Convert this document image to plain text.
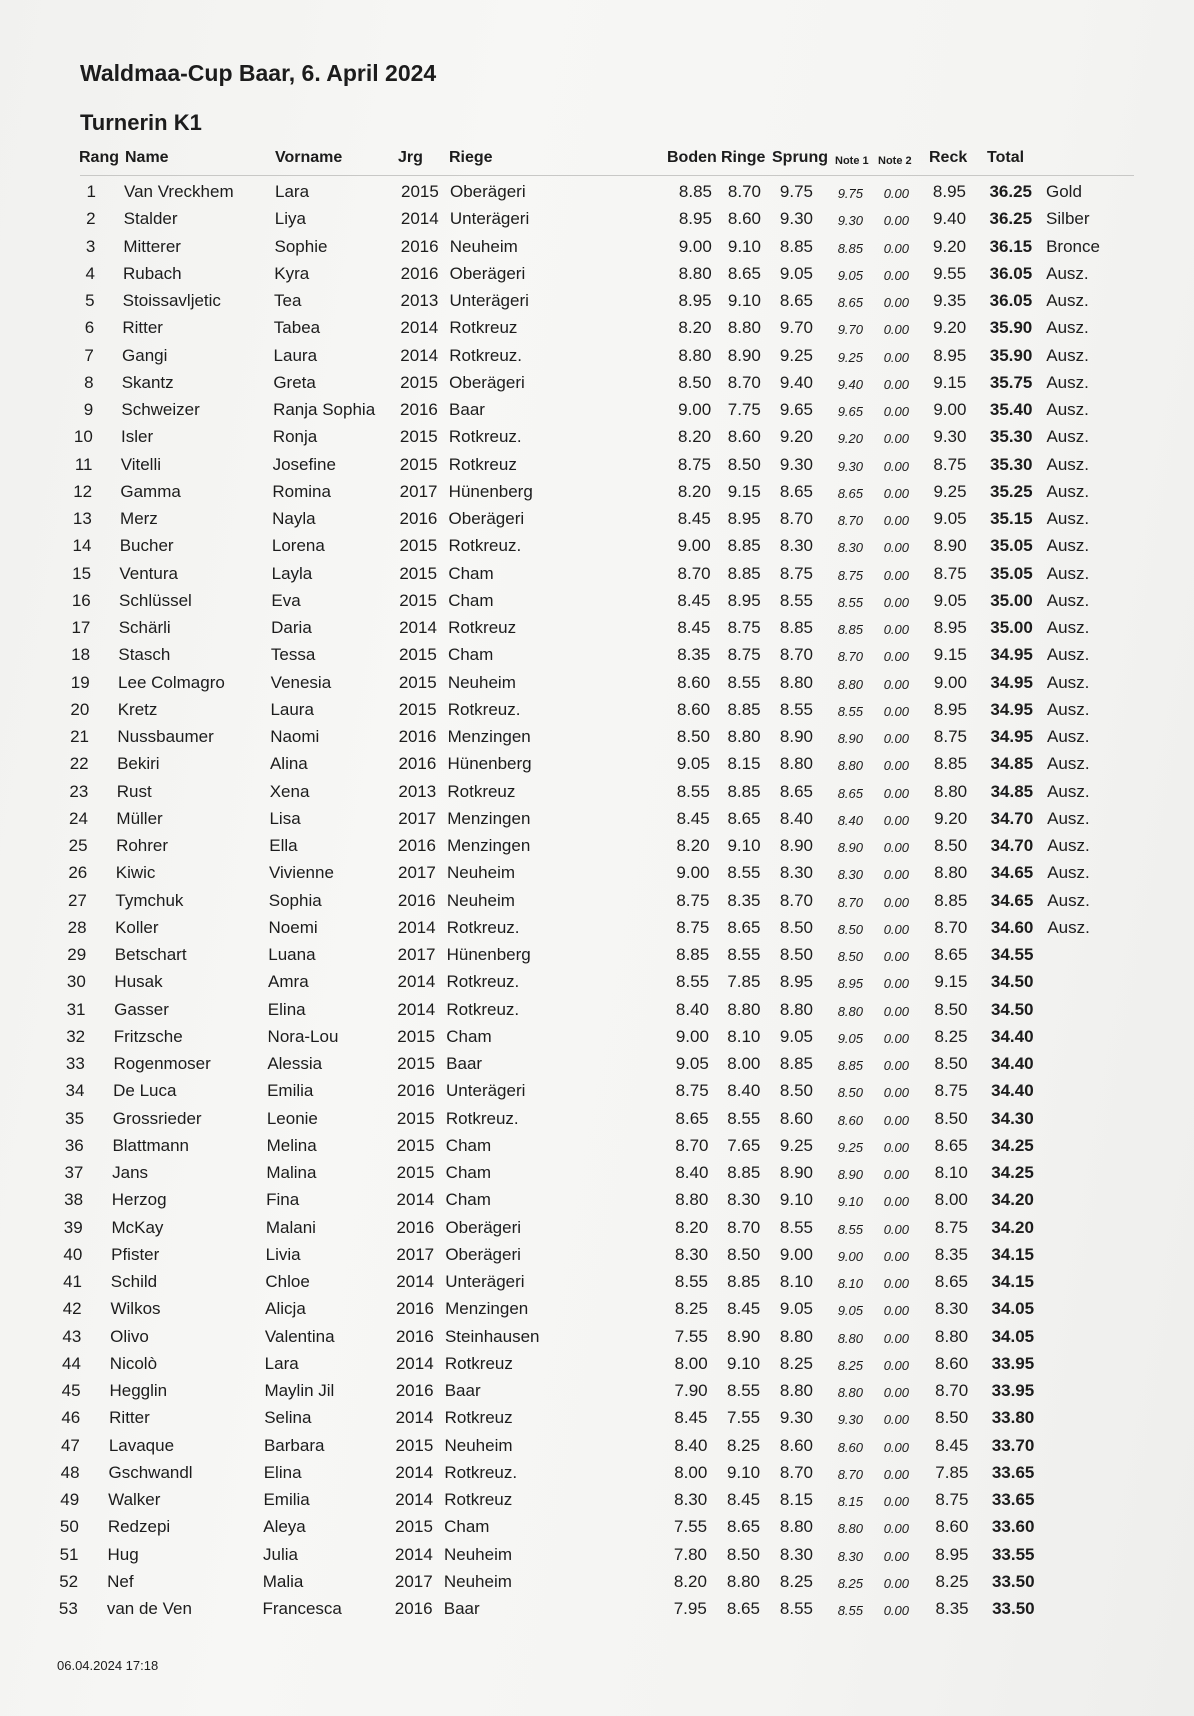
Waldmaa-Cup Baar, 6. April 2024
Turnerin K1
Rang Name	Vorname	Jrg Riege	Boden Ringe Sprung Note 1 Note 2 Reck Total
1 Van Vreckhem Lara	2015 Oberägeri	8.85 8.70 9.75 9.75 0.00 8.95 36.25 Gold
2 Stalder	Liya	2014 Unterägeri	8.95 8.60 9.30 9.30 0.00 9.40 36.25 Silber
3 Mitterer	Sophie	2016 Neuheim	9.00 9.10 8.85 8.85 0.00 9.20 36.15 Bronce
4 Rubach	Kyra	2016 Oberägeri	8.80 8.65 9.05 9.05 0.00 9.55 36.05 Ausz.
5 Stoissavljetic	Tea	2013 Unterägeri	8.95 9.10 8.65 8.65 0.00 9.35 36.05 Ausz.
6 Ritter	Tabea	2014 Rotkreuz	8.20 8.80 9.70 9.70 0.00 9.20 35.90 Ausz.
7 Gangi	Laura	2014 Rotkreuz.	8.80 8.90 9.25 9.25 0.00 8.95 35.90 Ausz.
8 Skantz	Greta	2015 Oberägeri	8.50 8.70 9.40 9.40 0.00 9.15 35.75 Ausz.
9 Schweizer	Ranja Sophia 2016 Baar	9.00 7.75 9.65 9.65 0.00 9.00 35.40 Ausz.
10 Isler	Ronja	2015 Rotkreuz.	8.20 8.60 9.20 9.20 0.00 9.30 35.30 Ausz.
11 Vitelli	Josefine	2015 Rotkreuz	8.75 8.50 9.30 9.30 0.00 8.75 35.30 Ausz.
12 Gamma	Romina	2017 Hünenberg	8.20 9.15 8.65 8.65 0.00 9.25 35.25 Ausz.
13 Merz	Nayla	2016 Oberägeri	8.45 8.95 8.70 8.70 0.00 9.05 35.15 Ausz.
14 Bucher	Lorena	2015 Rotkreuz.	9.00 8.85 8.30 8.30 0.00 8.90 35.05 Ausz.
15 Ventura	Layla	2015 Cham	8.70 8.85 8.75 8.75 0.00 8.75 35.05 Ausz.
16 Schlüssel	Eva	2015 Cham	8.45 8.95 8.55 8.55 0.00 9.05 35.00 Ausz.
17 Schärli	Daria	2014 Rotkreuz	8.45 8.75 8.85 8.85 0.00 8.95 35.00 Ausz.
18 Stasch	Tessa	2015 Cham	8.35 8.75 8.70 8.70 0.00 9.15 34.95 Ausz.
19 Lee Colmagro	Venesia	2015 Neuheim	8.60 8.55 8.80 8.80 0.00 9.00 34.95 Ausz.
20 Kretz	Laura	2015 Rotkreuz.	8.60 8.85 8.55 8.55 0.00 8.95 34.95 Ausz.
21 Nussbaumer	Naomi	2016 Menzingen	8.50 8.80 8.90 8.90 0.00 8.75 34.95 Ausz.
22 Bekiri	Alina	2016 Hünenberg	9.05 8.15 8.80 8.80 0.00 8.85 34.85 Ausz.
23 Rust	Xena	2013 Rotkreuz	8.55 8.85 8.65 8.65 0.00 8.80 34.85 Ausz.
24 Müller	Lisa	2017 Menzingen	8.45 8.65 8.40 8.40 0.00 9.20 34.70 Ausz.
25 Rohrer	Ella	2016 Menzingen	8.20 9.10 8.90 8.90 0.00 8.50 34.70 Ausz.
26 Kiwic	Vivienne	2017 Neuheim	9.00 8.55 8.30 8.30 0.00 8.80 34.65 Ausz.
27 Tymchuk	Sophia	2016 Neuheim	8.75 8.35 8.70 8.70 0.00 8.85 34.65 Ausz.
28 Koller	Noemi	2014 Rotkreuz.	8.75 8.65 8.50 8.50 0.00 8.70 34.60 Ausz.
29 Betschart	Luana	2017 Hünenberg	8.85 8.55 8.50 8.50 0.00 8.65 34.55
30 Husak	Amra	2014 Rotkreuz.	8.55 7.85 8.95 8.95 0.00 9.15 34.50
31 Gasser	Elina	2014 Rotkreuz.	8.40 8.80 8.80 8.80 0.00 8.50 34.50
32 Fritzsche	Nora-Lou	2015 Cham	9.00 8.10 9.05 9.05 0.00 8.25 34.40
33 Rogenmoser	Alessia	2015 Baar	9.05 8.00 8.85 8.85 0.00 8.50 34.40
34 De Luca	Emilia	2016 Unterägeri	8.75 8.40 8.50 8.50 0.00 8.75 34.40
35 Grossrieder	Leonie	2015 Rotkreuz.	8.65 8.55 8.60 8.60 0.00 8.50 34.30
36 Blattmann	Melina	2015 Cham	8.70 7.65 9.25 9.25 0.00 8.65 34.25
37 Jans	Malina	2015 Cham	8.40 8.85 8.90 8.90 0.00 8.10 34.25
38 Herzog	Fina	2014 Cham	8.80 8.30 9.10 9.10 0.00 8.00 34.20
39 McKay	Malani	2016 Oberägeri	8.20 8.70 8.55 8.55 0.00 8.75 34.20
40 Pfister	Livia	2017 Oberägeri	8.30 8.50 9.00 9.00 0.00 8.35 34.15
41 Schild	Chloe	2014 Unterägeri	8.55 8.85 8.10 8.10 0.00 8.65 34.15
42 Wilkos	Alicja	2016 Menzingen	8.25 8.45 9.05 9.05 0.00 8.30 34.05
43 Olivo	Valentina	2016 Steinhausen	7.55 8.90 8.80 8.80 0.00 8.80 34.05
44 Nicolò	Lara	2014 Rotkreuz	8.00 9.10 8.25 8.25 0.00 8.60 33.95
45 Hegglin	Maylin Jil	2016 Baar	7.90 8.55 8.80 8.80 0.00 8.70 33.95
46 Ritter	Selina	2014 Rotkreuz	8.45 7.55 9.30 9.30 0.00 8.50 33.80
47 Lavaque	Barbara	2015 Neuheim	8.40 8.25 8.60 8.60 0.00 8.45 33.70
48 Gschwandl	Elina	2014 Rotkreuz.	8.00 9.10 8.70 8.70 0.00 7.85 33.65
49 Walker	Emilia	2014 Rotkreuz	8.30 8.45 8.15 8.15 0.00 8.75 33.65
50 Redzepi	Aleya	2015 Cham	7.55 8.65 8.80 8.80 0.00 8.60 33.60
51 Hug	Julia	2014 Neuheim	7.80 8.50 8.30 8.30 0.00 8.95 33.55
52 Nef	Malia	2017 Neuheim	8.20 8.80 8.25 8.25 0.00 8.25 33.50
53 van de Ven	Francesca	2016 Baar	7.95 8.65 8.55 8.55 0.00 8.35 33.50
06.04.2024 17:18
